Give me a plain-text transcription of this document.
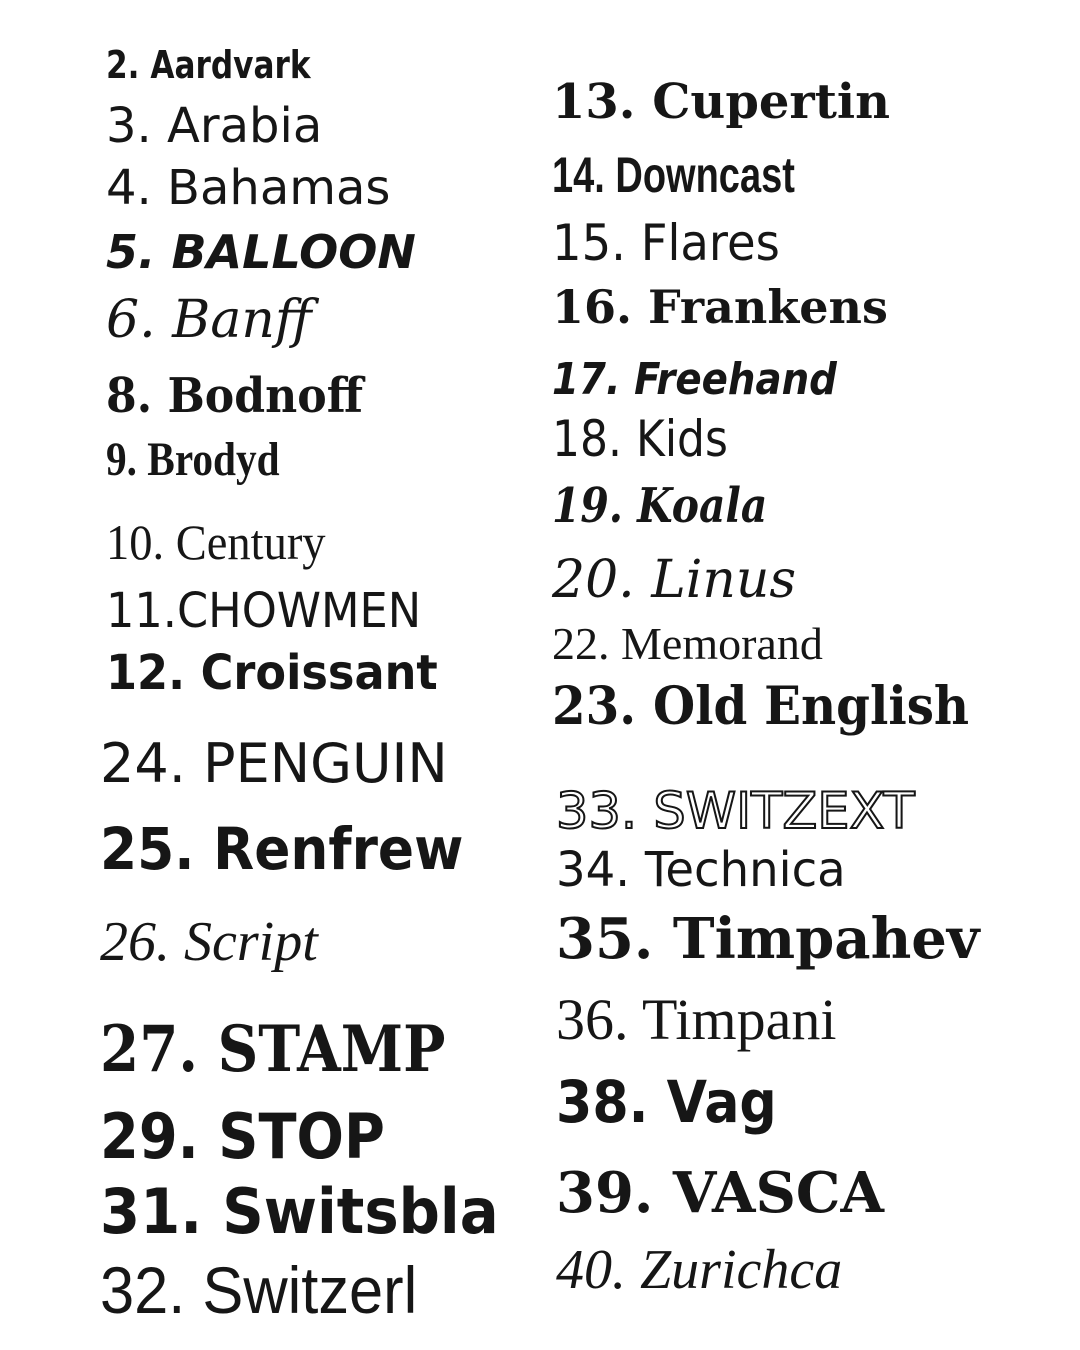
2. Aardvark
3. Arabia
4. Bahamas
5. BALLOON
6. Banff
8. Bodnoff
9. Brodyd
10. Century
11.CHOWMEN
12. Croissant
24. PENGUIN
25. Renfrew
26. Script
27. STAMP
29. STOP
31. Switsbla
32. Switzerl
13. Cupertin
14. Downcast
15. Flares
16. Frankens
17. Freehand
18. Kids
19. Koala
20. Linus
22. Memorand
23. Old English
33. SWITZEXT
34. Technica
35. Timpahev
36. Timpani
38. Vag
39. VASCA
40. Zurichca
